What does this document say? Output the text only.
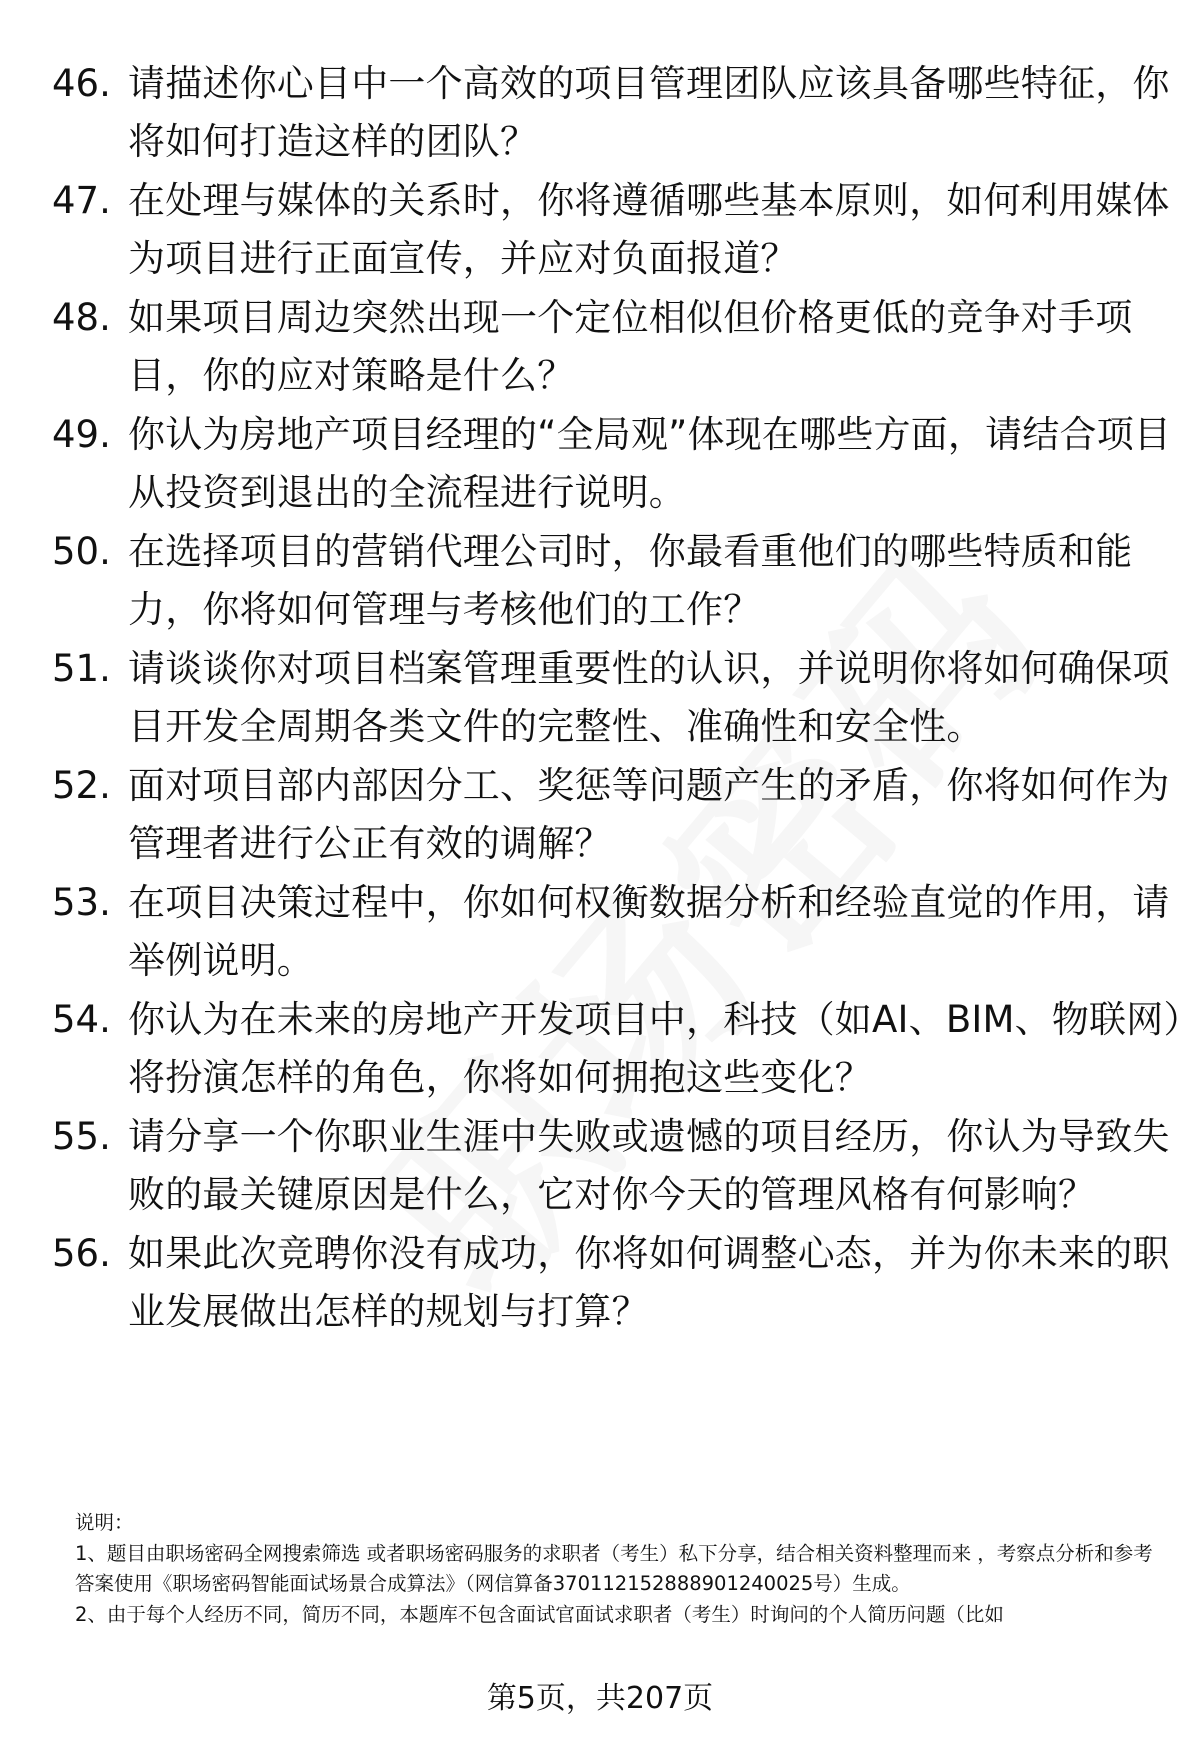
46. 请描述你心目中一个高效的项目管理团队应该具备哪些特征，你将如何打造这样的团队？
47. 在处理与媒体的关系时，你将遵循哪些基本原则，如何利用媒体为项目进行正面宣传，并应对负面报道？
48. 如果项目周边突然出现一个定位相似但价格更低的竞争对手项目，你的应对策略是什么？
49. 你认为房地产项目经理的“全局观”体现在哪些方面，请结合项目从投资到退出的全流程进行说明。
50. 在选择项目的营销代理公司时，你最看重他们的哪些特质和能力，你将如何管理与考核他们的工作？
51. 请谈谈你对项目档案管理重要性的认识，并说明你将如何确保项目开发全周期各类文件的完整性、准确性和安全性。
52. 面对项目部内部因分工、奖惩等问题产生的矛盾，你将如何作为管理者进行公正有效的调解？
53. 在项目决策过程中，你如何权衡数据分析和经验直觉的作用，请举例说明。
54. 你认为在未来的房地产开发项目中，科技（如AI、BIM、物联网）将扮演怎样的角色，你将如何拥抱这些变化？
55. 请分享一个你职业生涯中失败或遗憾的项目经历，你认为导致失败的最关键原因是什么，它对你今天的管理风格有何影响？
56. 如果此次竞聘你没有成功，你将如何调整心态，并为你未来的职业发展做出怎样的规划与打算？

说明：

1、题目由职场密码全网搜索筛选 或者职场密码服务的求职者（考生）私下分享，结合相关资料整理而来 ，考察点分析和参考答案使用《职场密码智能面试场景合成算法》（网信算备370112152888901240025号）生成。

2、由于每个人经历不同，简历不同，本题库不包含面试官面试求职者（考生）时询问的个人简历问题（比如

第5页，共207页
